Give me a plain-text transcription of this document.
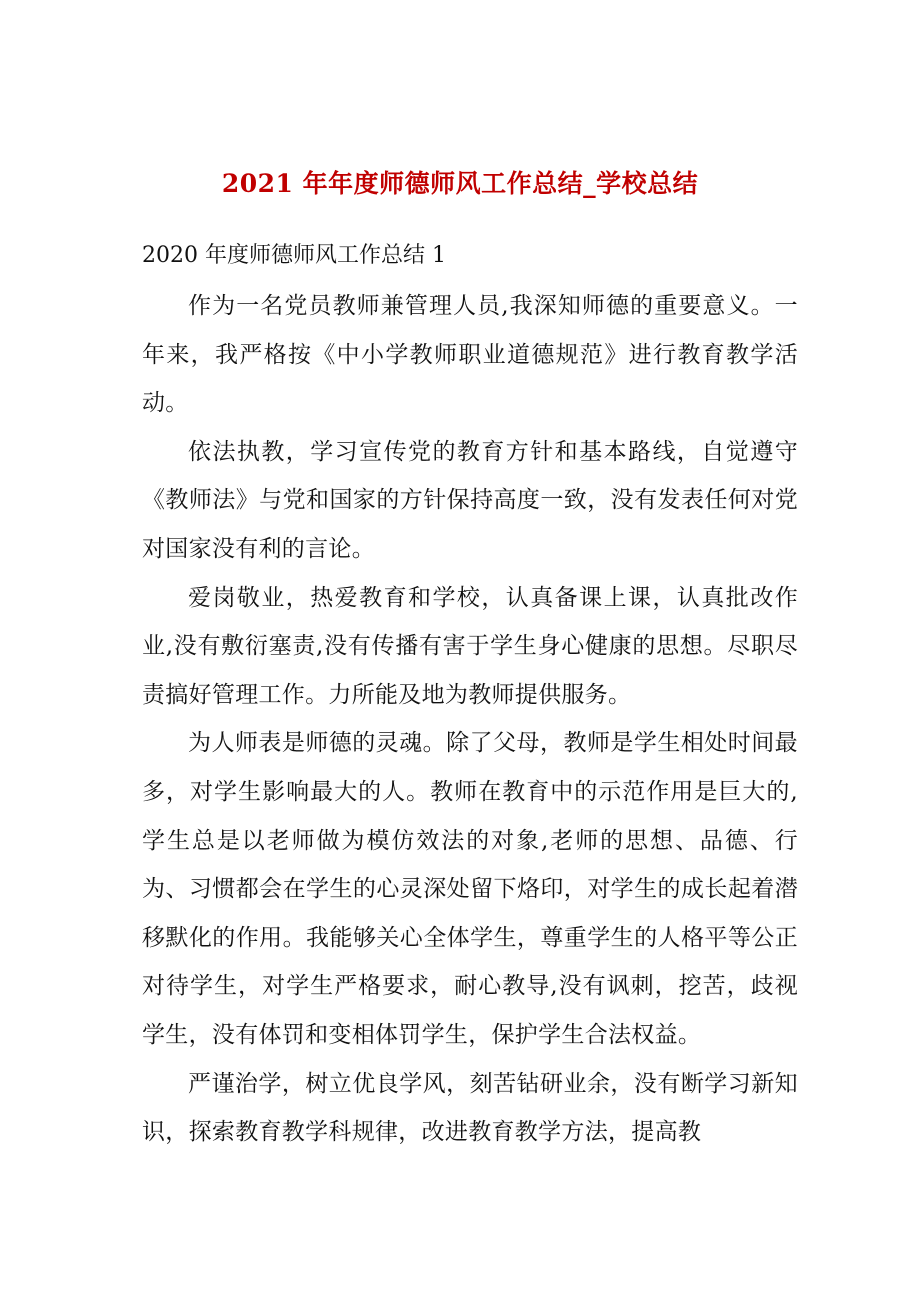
2021 年年度师德师风工作总结_学校总结
2020 年度师德师风工作总结 1

作为一名党员教师兼管理人员,我深知师德的重要意义。一年来，我严格按《中小学教师职业道德规范》进行教育教学活动。

依法执教，学习宣传党的教育方针和基本路线，自觉遵守《教师法》与党和国家的方针保持高度一致，没有发表任何对党对国家没有利的言论。

爱岗敬业，热爱教育和学校，认真备课上课，认真批改作业,没有敷衍塞责,没有传播有害于学生身心健康的思想。尽职尽责搞好管理工作。力所能及地为教师提供服务。

为人师表是师德的灵魂。除了父母，教师是学生相处时间最多，对学生影响最大的人。教师在教育中的示范作用是巨大的,学生总是以老师做为模仿效法的对象,老师的思想、品德、行为、习惯都会在学生的心灵深处留下烙印，对学生的成长起着潜移默化的作用。我能够关心全体学生，尊重学生的人格平等公正对待学生，对学生严格要求，耐心教导,没有讽刺，挖苦，歧视学生，没有体罚和变相体罚学生，保护学生合法权益。

严谨治学，树立优良学风，刻苦钻研业余，没有断学习新知识，探索教育教学科规律，改进教育教学方法，提高教
